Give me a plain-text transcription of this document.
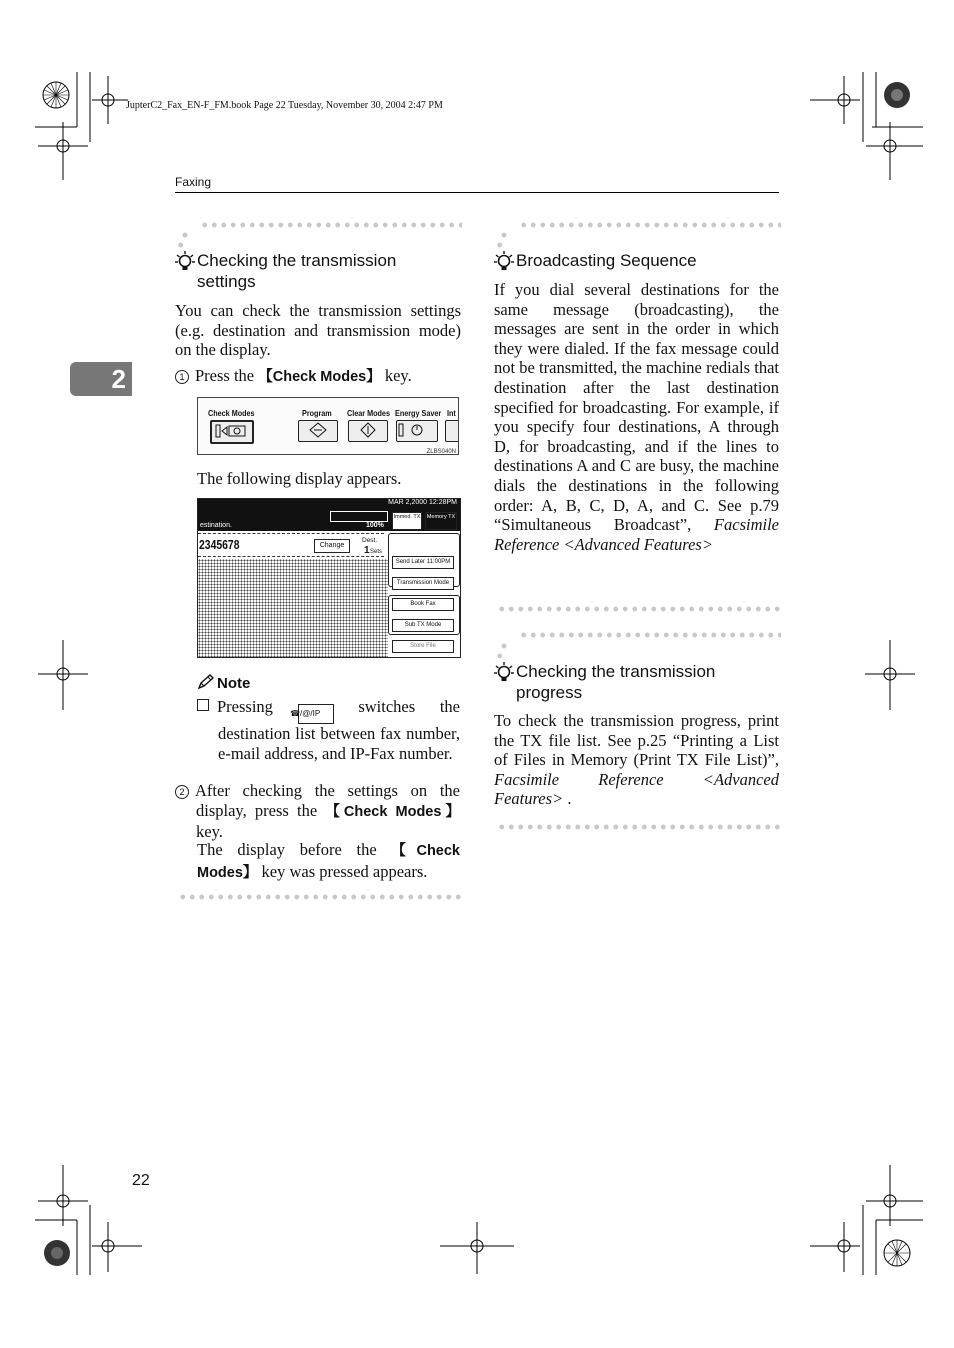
JupterC2_Fax_EN-F_FM.book Page 22 Tuesday, November 30, 2004 2:47 PM
Faxing
2
Checking the transmission
settings
You can check the transmission settings (e.g. destination and transmission mode) on the display.
1 Press the 【Check Modes】 key.
Check Modes	Program Clear Modes Energy Saver Int
ZLBS040N
The following display appears.
MAR 2,2000 12:28PM
estination.	100%
Immed. TX	Memory TX
2345678	Change
Dest.
1 Sets
Send Later 11:00PM
Transmission Mode
Book Fax
Sub TX Mode
Store File
Note
Pressing ☎/@/IP switches the destination list between fax number, e-mail address, and IP-Fax number.
2 After checking the settings on the display, press the 【Check Modes】 key.
The display before the 【Check Modes】 key was pressed appears.
Broadcasting Sequence
If you dial several destinations for the same message (broadcasting), the messages are sent in the order in which they were dialed. If the fax message could not be transmitted, the machine redials that destination after the last destination specified for broadcasting. For example, if you specify four destinations, A through D, for broadcasting, and if the lines to destinations A and C are busy, the machine dials the destinations in the following order: A, B, C, D, A, and C. See p.79 “Simultaneous Broadcast”, Facsimile Reference <Advanced Features>
Checking the transmission
progress
To check the transmission progress, print the TX file list. See p.25 “Printing a List of Files in Memory (Print TX File List)”, Facsimile Reference <Advanced Features> .
22
